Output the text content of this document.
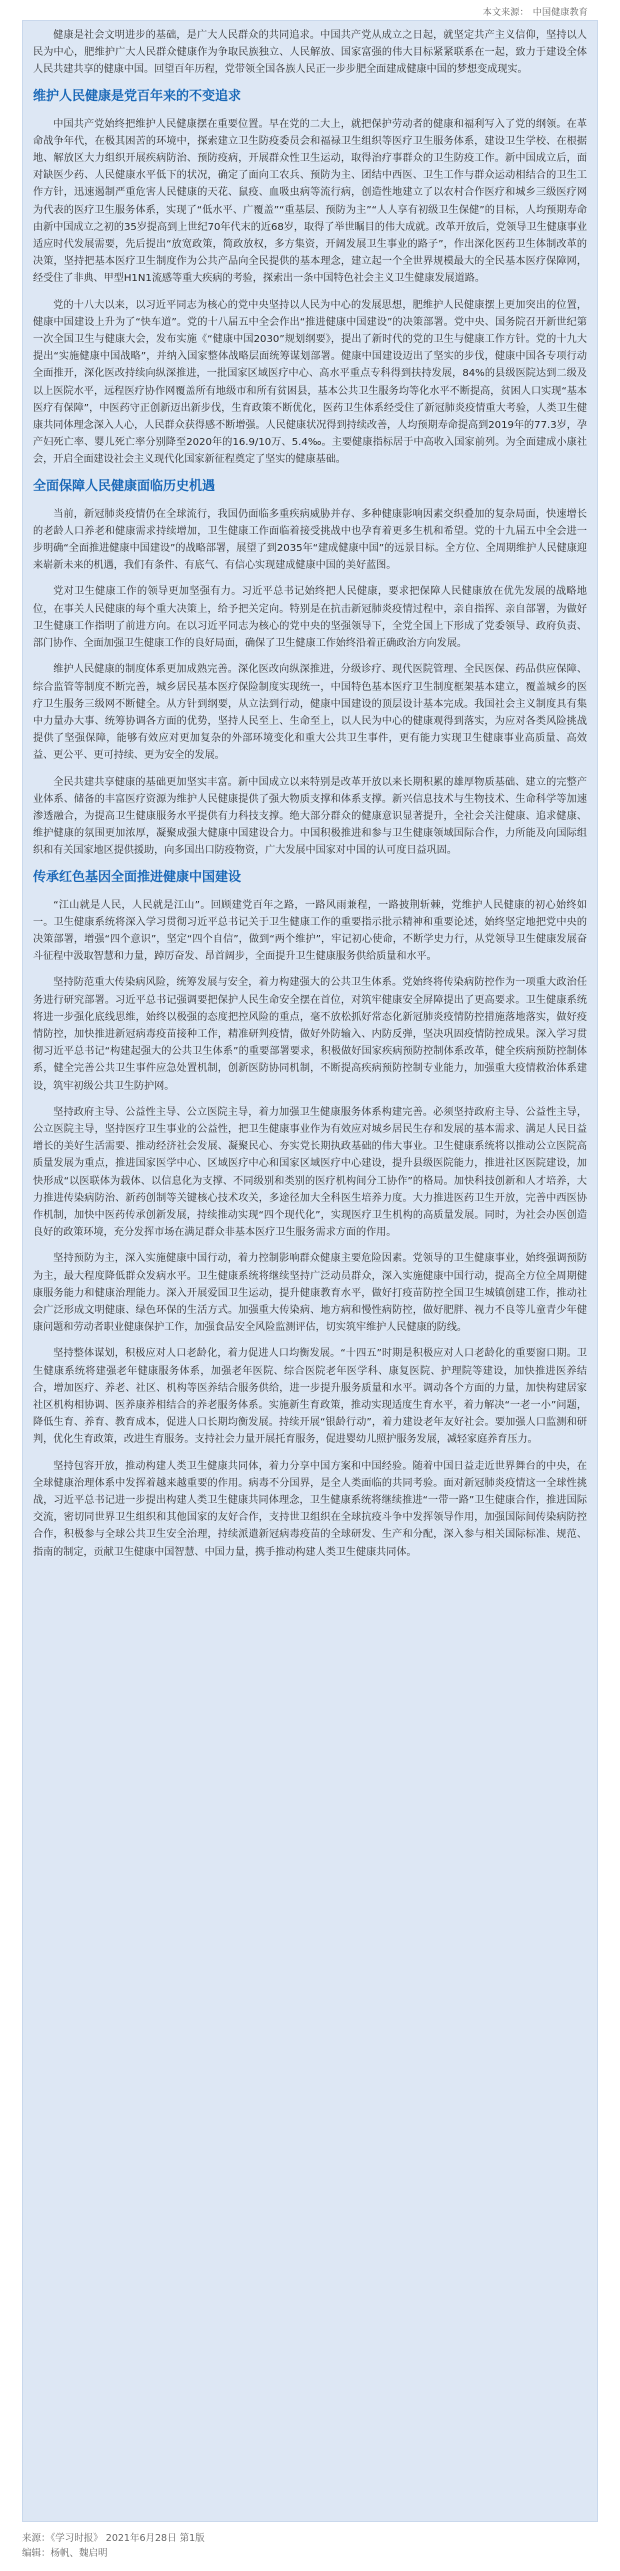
本文来源： 中国健康教育

健康是社会文明进步的基础，是广大人民群众的共同追求。中国共产党从成立之日起，就坚定共产主义信仰，坚持以人民为中心，肥维护广大人民群众健康作为争取民族独立、人民解放、国家富强的伟大目标紧紧联系在一起，致力于建设全体人民共建共享的健康中国。回望百年历程，党带领全国各族人民正一步步肥全面建成健康中国的梦想变成现实。

维护人民健康是党百年来的不变追求

中国共产党始终把维护人民健康摆在重要位置。早在党的二大上，就把保护劳动者的健康和福利写入了党的纲领。在革命战争年代，在极其困苦的环境中，探索建立卫生防疫委员会和福禄卫生组织等医疗卫生服务体系，建设卫生学校、在根据地、解放区大力组织开展疾病防治、预防疫病，开展群众性卫生运动，取得治疗事群众的卫生防疫工作。新中国成立后，面对缺医少药、人民健康水平低下的状况，确定了面向工农兵、预防为主、团结中西医、卫生工作与群众运动相结合的卫生工作方针，迅速遏制严重危害人民健康的天花、鼠疫、血吸虫病等流行病，创造性地建立了以农村合作医疗和城乡三级医疗网为代表的医疗卫生服务体系，实现了“低水平、广覆盖”“重基层、预防为主”“人人享有初级卫生保健”的目标，人均预期寿命由新中国成立之初的35岁提高到上世纪70年代末的近68岁，取得了举世瞩目的伟大成就。改革开放后，党领导卫生健康事业适应时代发展需要，先后提出“放宽政策，简政放权，多方集资，开阔发展卫生事业的路子”，作出深化医药卫生体制改革的决策，坚持把基本医疗卫生制度作为公共产品向全民提供的基本理念，建立起一个全世界规模最大的全民基本医疗保障网，经受住了非典、甲型H1N1流感等重大疾病的考验，探索出一条中国特色社会主义卫生健康发展道路。

党的十八大以来，以习近平同志为核心的党中央坚持以人民为中心的发展思想，肥维护人民健康摆上更加突出的位置，健康中国建设上升为了“快车道”。党的十八届五中全会作出“推进健康中国建设”的决策部署。党中央、国务院召开新世纪第一次全国卫生与健康大会，发布实施《“健康中国2030”规划纲要》，提出了新时代的党的卫生与健康工作方针。党的十九大提出“实施健康中国战略”，并纳入国家整体战略层面统筹谋划部署。健康中国建设迈出了坚实的步伐，健康中国各专项行动全面推开，深化医改持续向纵深推进，一批国家区域医疗中心、高水平重点专科得到扶持发展，84%的县级医院达到二级及以上医院水平，远程医疗协作网覆盖所有地级市和所有贫困县，基本公共卫生服务均等化水平不断提高，贫困人口实现“基本医疗有保障”，中医药守正创新迈出新步伐，生育政策不断优化，医药卫生体系经受住了新冠肺炎疫情重大考验，人类卫生健康共同体理念深入人心，人民群众获得感不断增强。人民健康状况得到持续改善，人均预期寿命提高到2019年的77.3岁，孕产妇死亡率、婴儿死亡率分别降至2020年的16.9/10万、5.4‰。主要健康指标居于中高收入国家前列。为全面建成小康社会，开启全面建设社会主义现代化国家新征程奠定了坚实的健康基础。

全面保障人民健康面临历史机遇

当前，新冠肺炎疫情仍在全球流行，我国仍面临多重疾病威胁并存、多种健康影响因素交织叠加的复杂局面，快速增长的老龄人口养老和健康需求持续增加，卫生健康工作面临着接受挑战中也孕育着更多生机和希望。党的十九届五中全会进一步明确“全面推进健康中国建设”的战略部署，展望了到2035年“建成健康中国”的远景目标。全方位、全周期维护人民健康迎来崭新未来的机遇，我们有条件、有底气、有信心实现建成健康中国的美好蓝图。

党对卫生健康工作的领导更加坚强有力。习近平总书记始终把人民健康，要求把保障人民健康放在优先发展的战略地位，在事关人民健康的每个重大决策上，给予把关定向。特别是在抗击新冠肺炎疫情过程中，亲自指挥、亲自部署，为做好卫生健康工作指明了前进方向。在以习近平同志为核心的党中央的坚强领导下，全党全国上下形成了党委领导、政府负责、部门协作、全面加强卫生健康工作的良好局面，确保了卫生健康工作始终沿着正确政治方向发展。

维护人民健康的制度体系更加成熟完善。深化医改向纵深推进，分级诊疗、现代医院管理、全民医保、药品供应保障、综合监管等制度不断完善，城乡居民基本医疗保险制度实现统一，中国特色基本医疗卫生制度框架基本建立，覆盖城乡的医疗卫生服务三级网不断健全。从方针到纲要，从立法到行动，健康中国建设的顶层设计基本完成。我国社会主义制度具有集中力量办大事、统筹协调各方面的优势，坚持人民至上、生命至上，以人民为中心的健康观得到落实，为应对各类风险挑战提供了坚强保障，能够有效应对更加复杂的外部环境变化和重大公共卫生事件，更有能力实现卫生健康事业高质量、高效益、更公平、更可持续、更为安全的发展。

全民共建共享健康的基础更加坚实丰富。新中国成立以来特别是改革开放以来长期积累的雄厚物质基础、建立的完整产业体系、储备的丰富医疗资源为维护人民健康提供了强大物质支撑和体系支撑。新兴信息技术与生物技术、生命科学等加速渗透融合，为提高卫生健康服务水平提供有力科技支撑。绝大部分群众的健康意识显著提升，全社会关注健康、追求健康、维护健康的氛围更加浓厚，凝聚成强大健康中国建设合力。中国积极推进和参与卫生健康领域国际合作，力所能及向国际组织和有关国家地区提供援助，向多国出口防疫物资，广大发展中国家对中国的认可度日益巩固。

传承红色基因全面推进健康中国建设

“江山就是人民，人民就是江山”。回顾建党百年之路，一路风雨兼程，一路披荆斩棘，党维护人民健康的初心始终如一。卫生健康系统将深入学习贯彻习近平总书记关于卫生健康工作的重要指示批示精神和重要论述，始终坚定地把党中央的决策部署，增强“四个意识”，坚定“四个自信”，做到“两个维护”，牢记初心使命，不断学史力行，从党领导卫生健康发展奋斗征程中汲取智慧和力量，踔厉奋发、昂首阔步，全面提升卫生健康服务供给质量和水平。

坚持防范重大传染病风险，统筹发展与安全，着力构建强大的公共卫生体系。党始终将传染病防控作为一项重大政治任务进行研究部署。习近平总书记强调要把保护人民生命安全摆在首位，对筑牢健康安全屏障提出了更高要求。卫生健康系统将进一步强化底线思维，始终以极强的态度把控风险的重点，毫不放松抓好常态化新冠肺炎疫情防控措施落地落实，做好疫情防控，加快推进新冠病毒疫苗接种工作，精准研判疫情，做好外防输入、内防反弹，坚决巩固疫情防控成果。深入学习贯彻习近平总书记“构建起强大的公共卫生体系”的重要部署要求，积极做好国家疾病预防控制体系改革，健全疾病预防控制体系，健全完善公共卫生事件应急处置机制，创新医防协同机制，不断提高疾病预防控制专业能力，加强重大疫情救治体系建设，筑牢初级公共卫生防护网。

坚持政府主导、公益性主导、公立医院主导，着力加强卫生健康服务体系构建完善。必须坚持政府主导、公益性主导，公立医院主导，坚持医疗卫生事业的公益性，把卫生健康事业作为有效应对城乡居民生存和发展的基本需求、满足人民日益增长的美好生活需要、推动经济社会发展、凝聚民心、夯实党长期执政基础的伟大事业。卫生健康系统将以推动公立医院高质量发展为重点，推进国家医学中心、区域医疗中心和国家区域医疗中心建设，提升县级医院能力，推进社区医院建设，加快形成“以医联体为载体、以信息化为支撑、不同级别和类别的医疗机构间分工协作”的格局。加快科技创新和人才培养，大力推进传染病防治、新药创制等关键核心技术攻关，多途径加大全科医生培养力度。大力推进医药卫生开放，完善中西医协作机制，加快中医药传承创新发展，持续推动实现“四个现代化”，实现医疗卫生机构的高质量发展。同时，为社会办医创造良好的政策环境，充分发挥市场在满足群众非基本医疗卫生服务需求方面的作用。

坚持预防为主，深入实施健康中国行动，着力控制影响群众健康主要危险因素。党领导的卫生健康事业，始终强调预防为主，最大程度降低群众发病水平。卫生健康系统将继续坚持广泛动员群众，深入实施健康中国行动，提高全方位全周期健康服务能力和健康治理能力。深入开展爱国卫生运动，提升健康教育水平，做好打疫苗防控全国卫生城镇创建工作，推动社会广泛形成文明健康、绿色环保的生活方式。加强重大传染病、地方病和慢性病防控，做好肥胖、视力不良等儿童青少年健康问题和劳动者职业健康保护工作，加强食品安全风险监测评估，切实筑牢维护人民健康的防线。

坚持整体谋划，积极应对人口老龄化，着力促进人口均衡发展。“十四五”时期是积极应对人口老龄化的重要窗口期。卫生健康系统将建强老年健康服务体系，加强老年医院、综合医院老年医学科、康复医院、护理院等建设，加快推进医养结合，增加医疗、养老、社区、机构等医养结合服务供给，进一步提升服务质量和水平。调动各个方面的力量，加快构建居家社区机构相协调、医养康养相结合的养老服务体系。实施新生育政策，推动实现适度生育水平，着力解决“一老一小”问题，降低生育、养育、教育成本，促进人口长期均衡发展。持续开展“银龄行动”，着力建设老年友好社会。要加强人口监测和研判，优化生育政策，改进生育服务。支持社会力量开展托育服务，促进婴幼儿照护服务发展，减轻家庭养育压力。

坚持包容开放，推动构建人类卫生健康共同体，着力分享中国方案和中国经验。随着中国日益走近世界舞台的中央，在全球健康治理体系中发挥着越来越重要的作用。病毒不分国界，是全人类面临的共同考验。面对新冠肺炎疫情这一全球性挑战，习近平总书记进一步提出构建人类卫生健康共同体理念，卫生健康系统将继续推进“一带一路”卫生健康合作，推进国际交流，密切同世界卫生组织和其他国家的友好合作，支持世卫组织在全球抗疫斗争中发挥领导作用，加强国际间传染病防控合作，积极参与全球公共卫生安全治理，持续派遣新冠病毒疫苗的全球研发、生产和分配，深入参与相关国际标准、规范、指南的制定，贡献卫生健康中国智慧、中国力量，携手推动构建人类卫生健康共同体。

来源：《学习时报》 2021年6月28日 第1版
编辑：杨帆、魏启明
